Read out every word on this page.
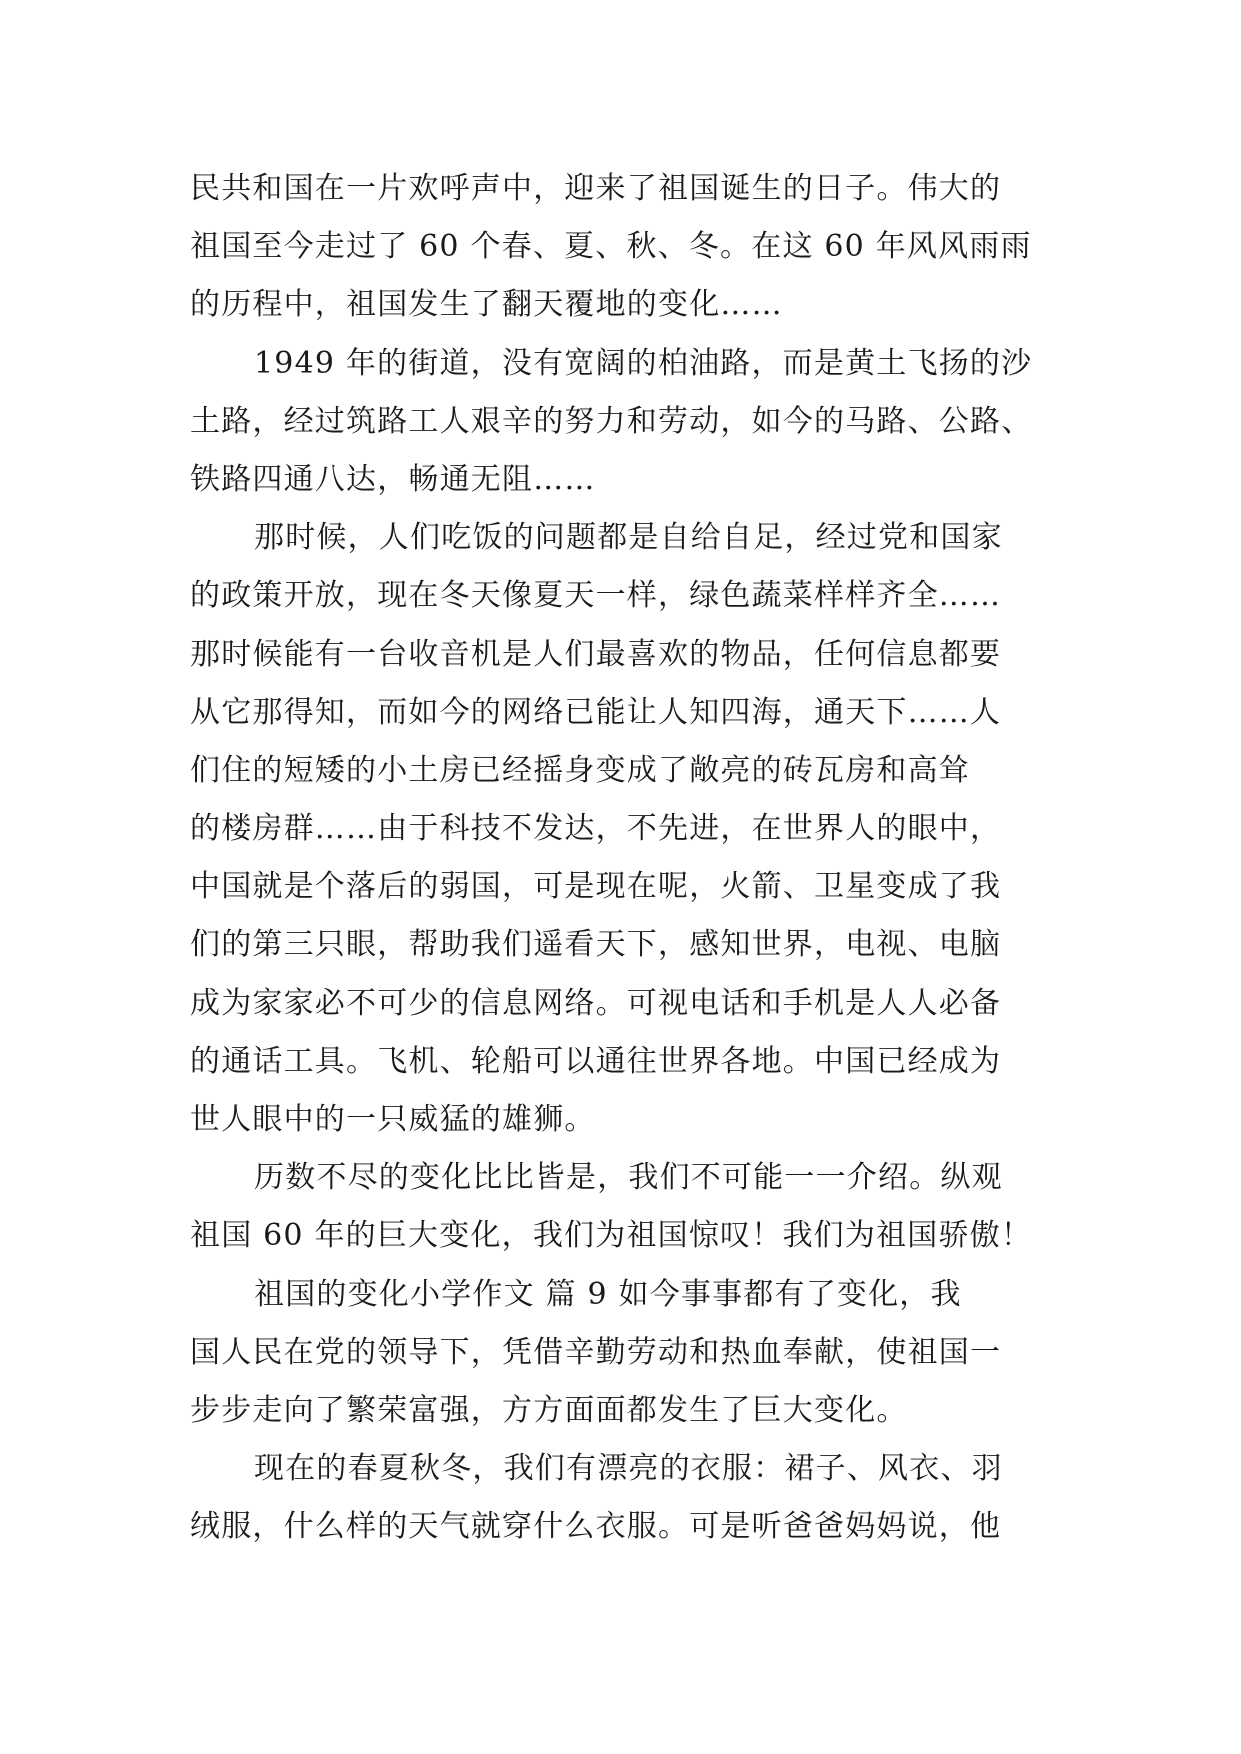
民共和国在一片欢呼声中，迎来了祖国诞生的日子。伟大的
祖国至今走过了 60 个春、夏、秋、冬。在这 60 年风风雨雨
的历程中，祖国发生了翻天覆地的变化……
1949 年的街道，没有宽阔的柏油路，而是黄土飞扬的沙
土路，经过筑路工人艰辛的努力和劳动，如今的马路、公路、
铁路四通八达，畅通无阻……
那时候，人们吃饭的问题都是自给自足，经过党和国家
的政策开放，现在冬天像夏天一样，绿色蔬菜样样齐全……
那时候能有一台收音机是人们最喜欢的物品，任何信息都要
从它那得知，而如今的网络已能让人知四海，通天下……人
们住的短矮的小土房已经摇身变成了敞亮的砖瓦房和高耸
的楼房群……由于科技不发达，不先进，在世界人的眼中，
中国就是个落后的弱国，可是现在呢，火箭、卫星变成了我
们的第三只眼，帮助我们遥看天下，感知世界，电视、电脑
成为家家必不可少的信息网络。可视电话和手机是人人必备
的通话工具。飞机、轮船可以通往世界各地。中国已经成为
世人眼中的一只威猛的雄狮。
历数不尽的变化比比皆是，我们不可能一一介绍。纵观
祖国 60 年的巨大变化，我们为祖国惊叹！我们为祖国骄傲！
祖国的变化小学作文 篇 9 如今事事都有了变化，我
国人民在党的领导下，凭借辛勤劳动和热血奉献，使祖国一
步步走向了繁荣富强，方方面面都发生了巨大变化。
现在的春夏秋冬，我们有漂亮的衣服：裙子、风衣、羽
绒服，什么样的天气就穿什么衣服。可是听爸爸妈妈说，他
